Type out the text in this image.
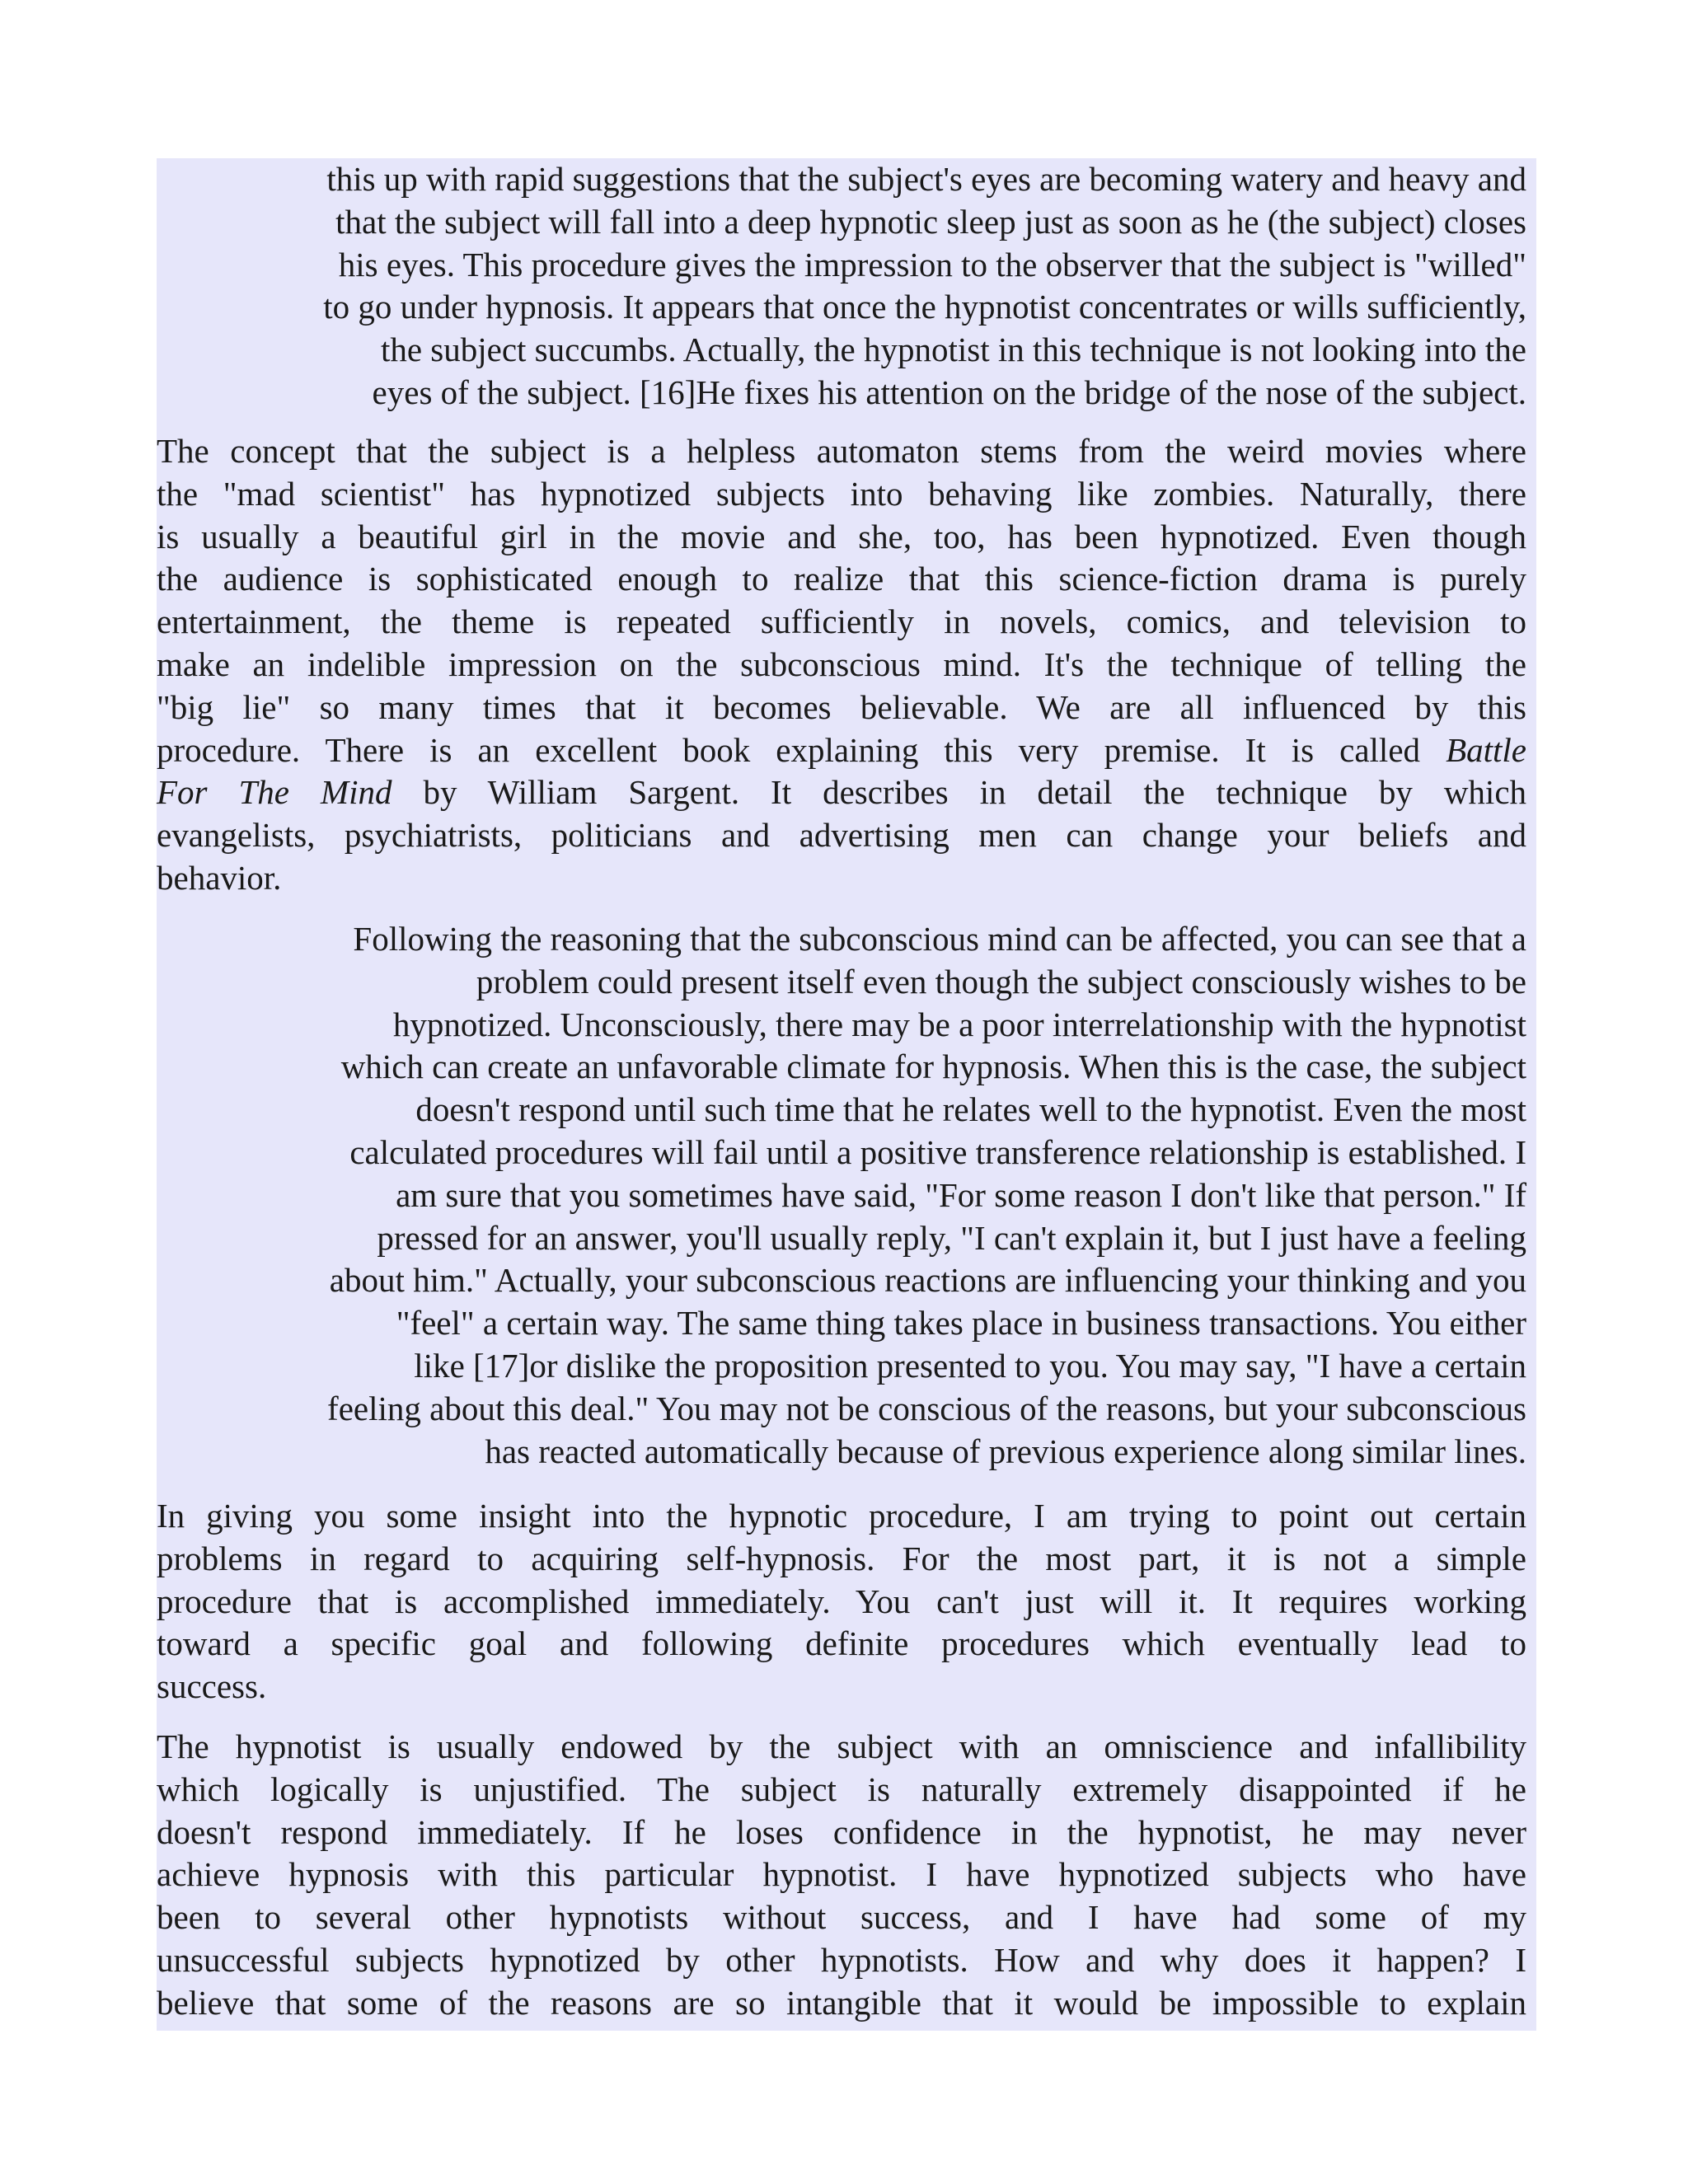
this up with rapid suggestions that the subject's eyes are becoming watery and heavy and
that the subject will fall into a deep hypnotic sleep just as soon as he (the subject) closes
his eyes. This procedure gives the impression to the observer that the subject is "willed"
to go under hypnosis. It appears that once the hypnotist concentrates or wills sufficiently,
the subject succumbs. Actually, the hypnotist in this technique is not looking into the
eyes of the subject. [16]He fixes his attention on the bridge of the nose of the subject.
The concept that the subject is a helpless automaton stems from the weird movies where
the "mad scientist" has hypnotized subjects into behaving like zombies. Naturally, there
is usually a beautiful girl in the movie and she, too, has been hypnotized. Even though
the audience is sophisticated enough to realize that this science-fiction drama is purely
entertainment, the theme is repeated sufficiently in novels, comics, and television to
make an indelible impression on the subconscious mind. It's the technique of telling the
"big lie" so many times that it becomes believable. We are all influenced by this
procedure. There is an excellent book explaining this very premise. It is called Battle
For The Mind by William Sargent. It describes in detail the technique by which
evangelists, psychiatrists, politicians and advertising men can change your beliefs and
behavior.
Following the reasoning that the subconscious mind can be affected, you can see that a
problem could present itself even though the subject consciously wishes to be
hypnotized. Unconsciously, there may be a poor interrelationship with the hypnotist
which can create an unfavorable climate for hypnosis. When this is the case, the subject
doesn't respond until such time that he relates well to the hypnotist. Even the most
calculated procedures will fail until a positive transference relationship is established. I
am sure that you sometimes have said, "For some reason I don't like that person." If
pressed for an answer, you'll usually reply, "I can't explain it, but I just have a feeling
about him." Actually, your subconscious reactions are influencing your thinking and you
"feel" a certain way. The same thing takes place in business transactions. You either
like [17]or dislike the proposition presented to you. You may say, "I have a certain
feeling about this deal." You may not be conscious of the reasons, but your subconscious
has reacted automatically because of previous experience along similar lines.
In giving you some insight into the hypnotic procedure, I am trying to point out certain
problems in regard to acquiring self-hypnosis. For the most part, it is not a simple
procedure that is accomplished immediately. You can't just will it. It requires working
toward a specific goal and following definite procedures which eventually lead to
success.
The hypnotist is usually endowed by the subject with an omniscience and infallibility
which logically is unjustified. The subject is naturally extremely disappointed if he
doesn't respond immediately. If he loses confidence in the hypnotist, he may never
achieve hypnosis with this particular hypnotist. I have hypnotized subjects who have
been to several other hypnotists without success, and I have had some of my
unsuccessful subjects hypnotized by other hypnotists. How and why does it happen? I
believe that some of the reasons are so intangible that it would be impossible to explain
